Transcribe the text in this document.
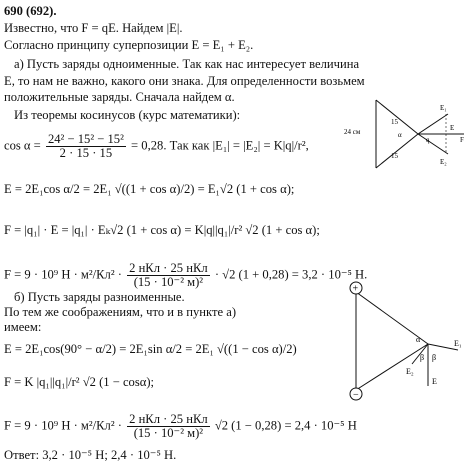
690 (692).
Известно, что F = qE. Найдем |E|.
Согласно принципу суперпозиции E = E₁ + E₂.
а) Пусть заряды одноименные. Так как нас интересует величина
E, то нам не важно, какого они знака. Для определенности возьмем
положительные заряды. Сначала найдем α.
Из теоремы косинусов (курс математики):
$\cos \alpha = \frac{\text{24² − 15² − 15²}}{2 \cdot 15 \cdot 15} = 0,28$. Так как |E₁| = |E₂| = K|q|/r²,
E = 2E₁cos α/2 = 2E₁ √((1 + cos α)/2) = E₁√2 (1 + cos α);
F = |q₁| · E = |q₁| · Eₖ√2 (1 + cos α) = K|q||q₁|/r² √2 (1 + cos α);
F = 9 · 10⁹ $Н \cdot м^2/Кл^2 \cdot \frac{\text{2 нКл · 25 нКл}}{\text{(15 · 10⁻² м)²}} \cdot √2$ (1 + 0,28) = 3,2 · 10⁻⁵ Н.
б) Пусть заряды разноименные.
По тем же соображениям, что и в пункте а)
имеем:
E = 2E₁cos(90° − α/2) = 2E₁sin α/2 = 2E₁ √((1 − cos α)/2)
F = K |q₁||q₁|/r² √2 (1 − cosα);
F = 9 · 10⁹ $Н \cdot м^2/Кл^2 \cdot \frac{\text{2 нКл · 25 нКл}}{\text{(15 · 10⁻² м)²}} √2$ (1 − 0,28) = 2,4 · 10⁻⁵ Н
Ответ: 3,2 · 10⁻⁵ Н; 2,4 · 10⁻⁵ Н.
15
15
24 см	α
E₁
E₂
E
F
q
+
−
α
β β
E₁
E₂
E
